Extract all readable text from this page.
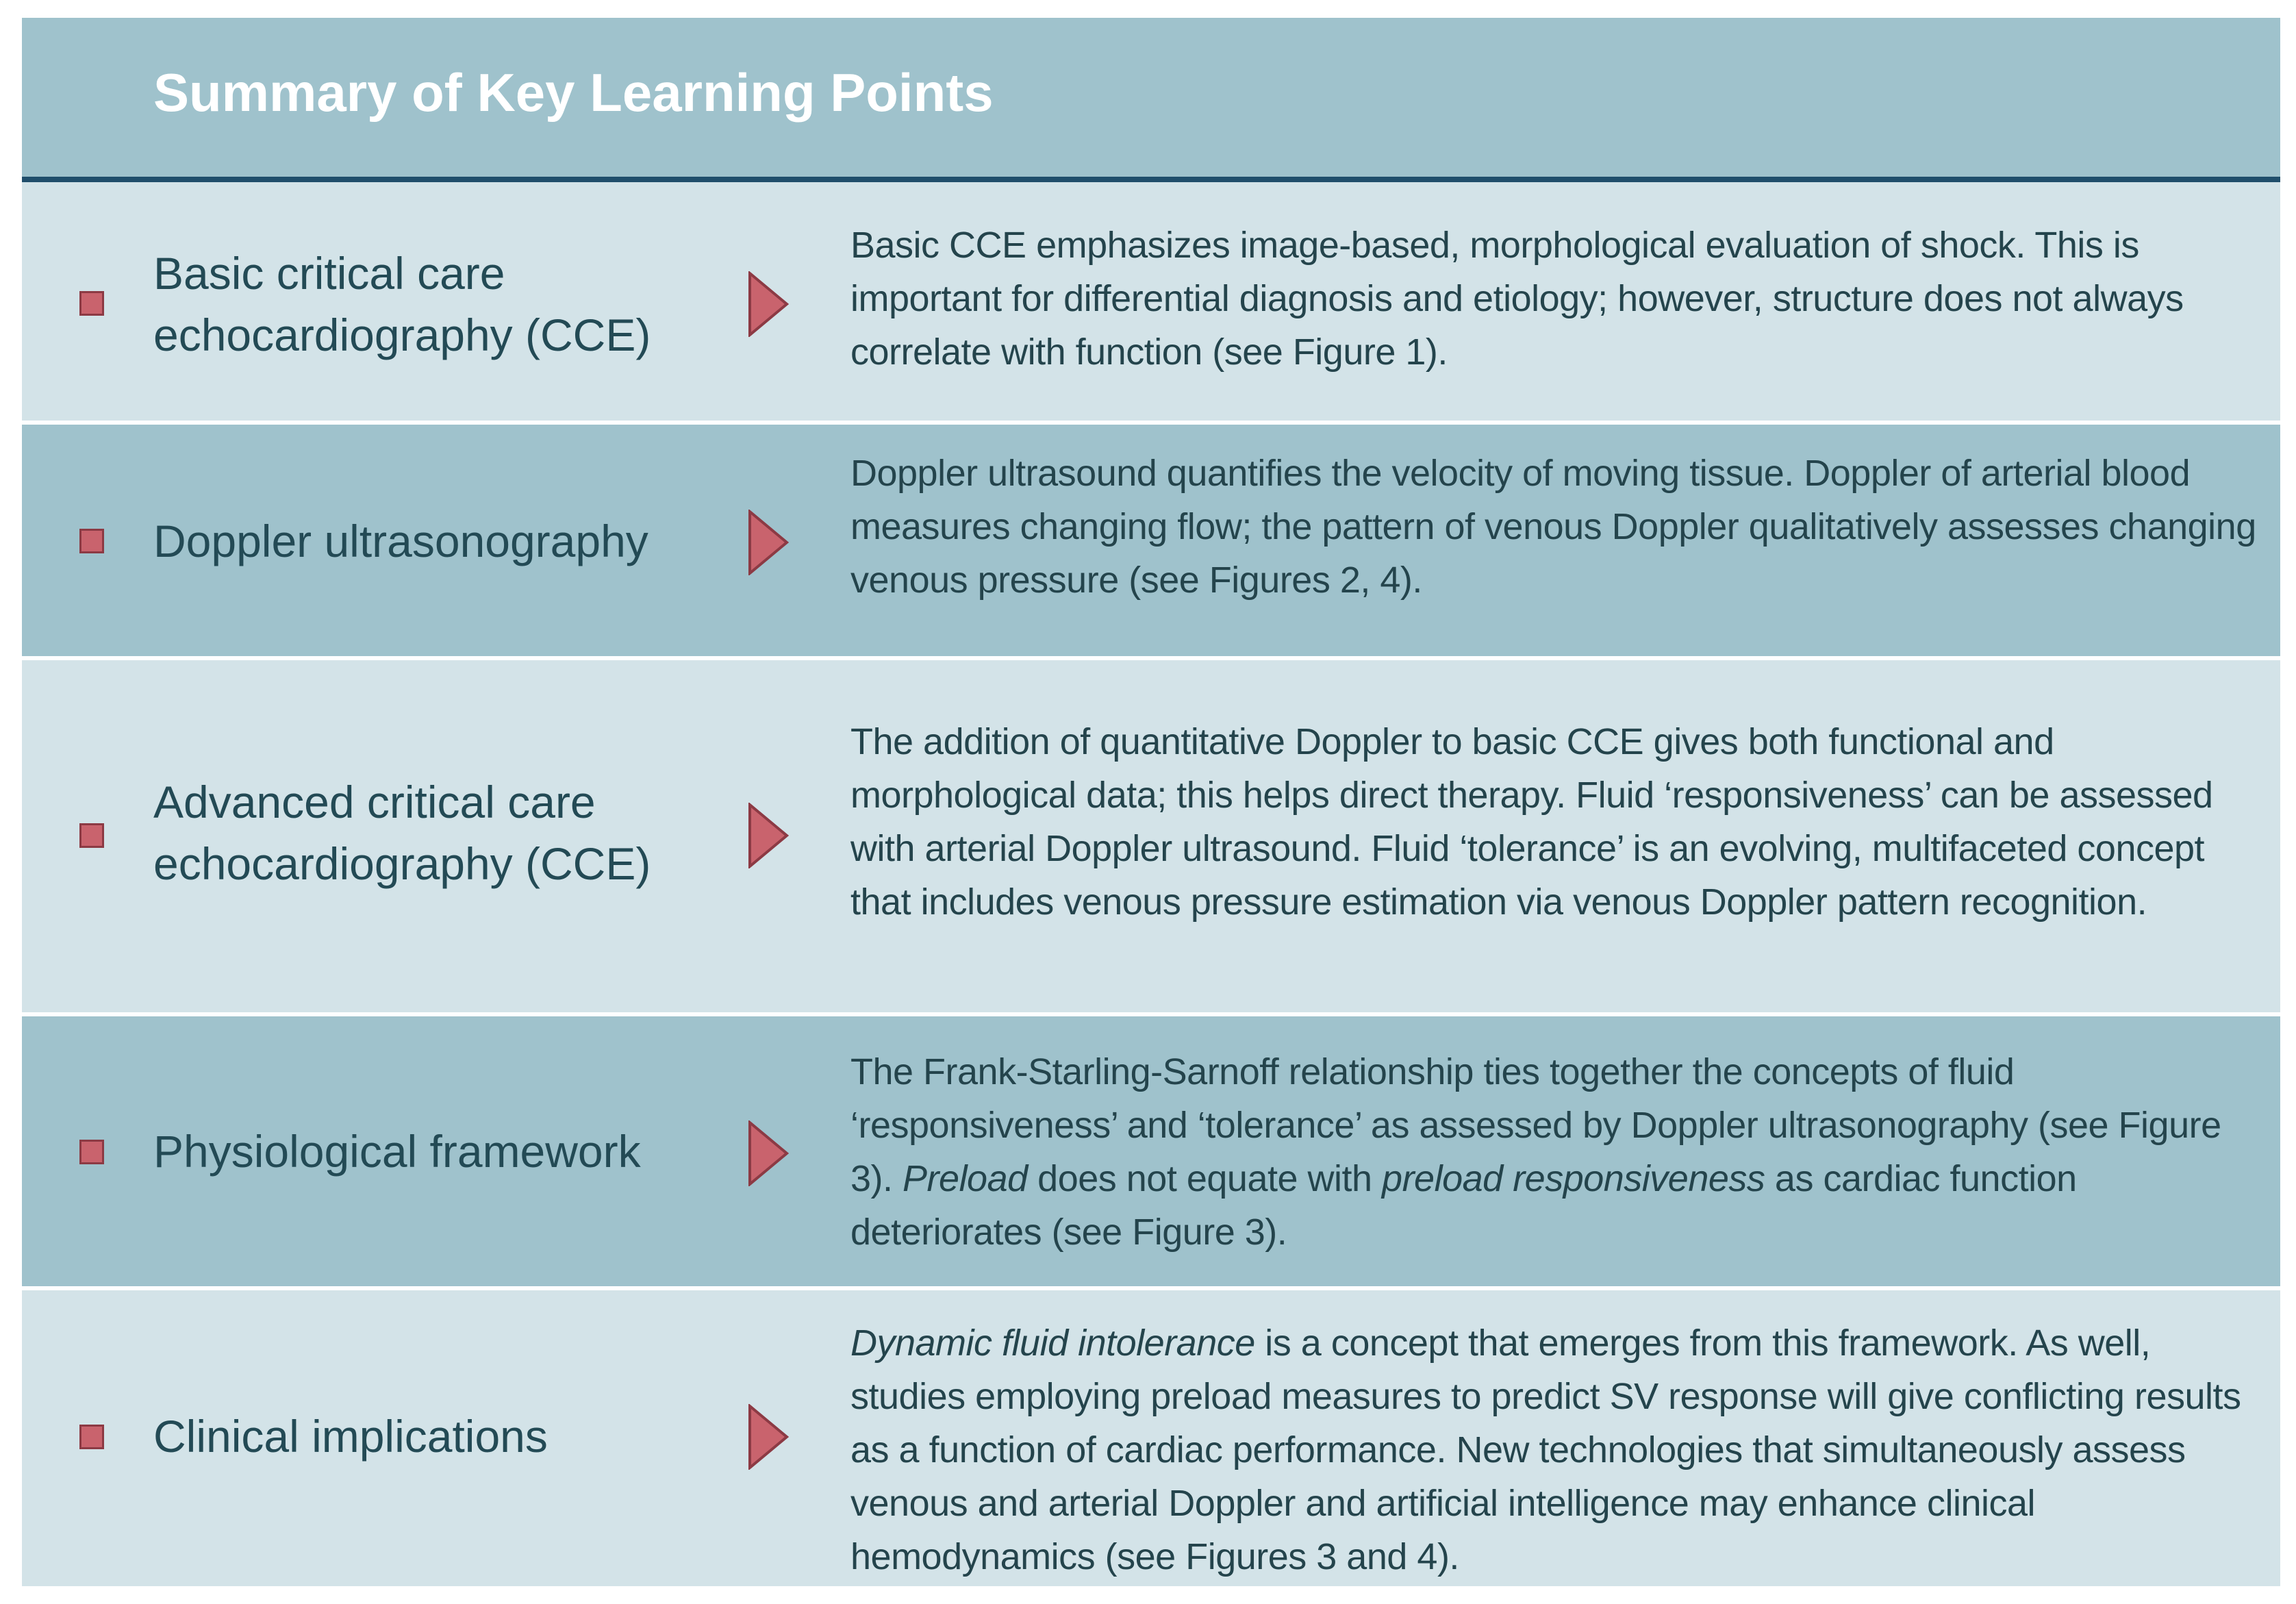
Summary of Key Learning Points
Basic critical care echocardiography (CCE)
Basic CCE emphasizes image-based, morphological evaluation of shock. This is important for differential diagnosis and etiology; however, structure does not always correlate with function (see Figure 1).
Doppler ultrasonography
Doppler ultrasound quantifies the velocity of moving tissue. Doppler of arterial blood measures changing flow; the pattern of venous Doppler qualitatively assesses changing venous pressure (see Figures 2, 4).
Advanced critical care echocardiography (CCE)
The addition of quantitative Doppler to basic CCE gives both functional and morphological data; this helps direct therapy. Fluid ‘responsiveness’ can be assessed with arterial Doppler ultrasound. Fluid ‘tolerance’ is an evolving, multifaceted concept that includes venous pressure estimation via venous Doppler pattern recognition.
Physiological framework
The Frank-Starling-Sarnoff relationship ties together the concepts of fluid ‘responsiveness’ and ‘tolerance’ as assessed by Doppler ultrasonography (see Figure 3). Preload does not equate with preload responsiveness as cardiac function deteriorates (see Figure 3).
Clinical implications
Dynamic fluid intolerance is a concept that emerges from this framework. As well, studies employing preload measures to predict SV response will give conflicting results as a function of cardiac performance. New technologies that simultaneously assess venous and arterial Doppler and artificial intelligence may enhance clinical hemodynamics (see Figures 3 and 4).
